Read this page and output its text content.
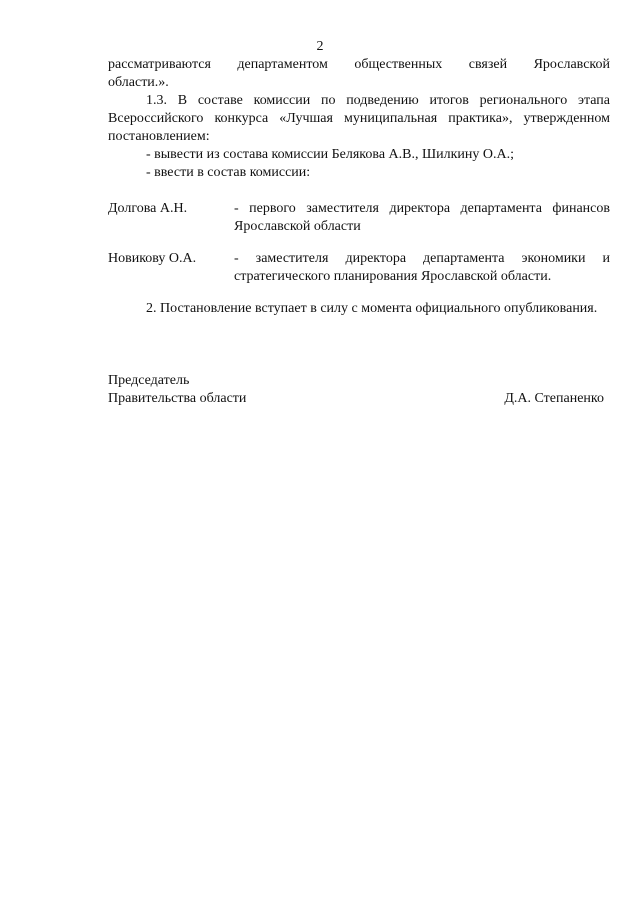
2

рассматриваются департаментом общественных связей Ярославской

области.».

1.3. В составе комиссии по подведению итогов регионального этапа Всероссийского конкурса «Лучшая муниципальная практика», утвержденном постановлением:

- вывести из состава комиссии Белякова А.В., Шилкину О.А.;

- ввести в состав комиссии:

Долгова А.Н.	- первого заместителя директора департамента финансов Ярославской области
Новикову О.А.	- заместителя директора департамента экономики и стратегического планирования Ярославской области.

2. Постановление вступает в силу с момента официального опубликования.

Председатель

Правительства области	Д.А. Степаненко
